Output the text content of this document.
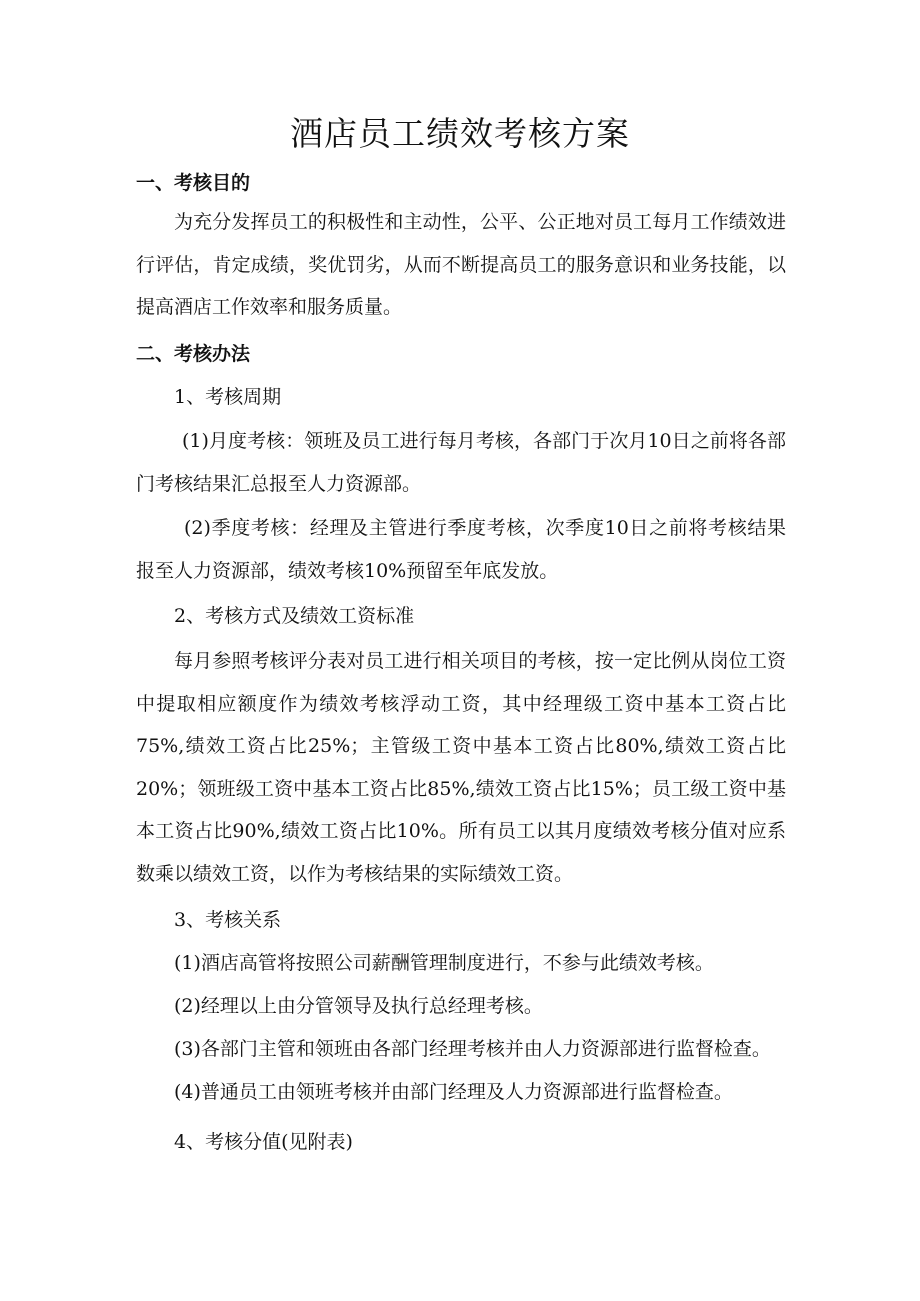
酒店员工绩效考核方案
一、考核目的
为充分发挥员工的积极性和主动性，公平、公正地对员工每月工作绩效进行评估，肯定成绩，奖优罚劣，从而不断提高员工的服务意识和业务技能，以提高酒店工作效率和服务质量。
二、考核办法
1、考核周期
(1)月度考核：领班及员工进行每月考核，各部门于次月10日之前将各部门考核结果汇总报至人力资源部。
(2)季度考核：经理及主管进行季度考核，次季度10日之前将考核结果报至人力资源部，绩效考核10%预留至年底发放。
2、考核方式及绩效工资标准
每月参照考核评分表对员工进行相关项目的考核，按一定比例从岗位工资中提取相应额度作为绩效考核浮动工资，其中经理级工资中基本工资占比75%,绩效工资占比25%；主管级工资中基本工资占比80%,绩效工资占比20%；领班级工资中基本工资占比85%,绩效工资占比15%；员工级工资中基本工资占比90%,绩效工资占比10%。所有员工以其月度绩效考核分值对应系数乘以绩效工资，以作为考核结果的实际绩效工资。
3、考核关系
(1)酒店高管将按照公司薪酬管理制度进行，不参与此绩效考核。
(2)经理以上由分管领导及执行总经理考核。
(3)各部门主管和领班由各部门经理考核并由人力资源部进行监督检查。
(4)普通员工由领班考核并由部门经理及人力资源部进行监督检查。
4、考核分值(见附表)
